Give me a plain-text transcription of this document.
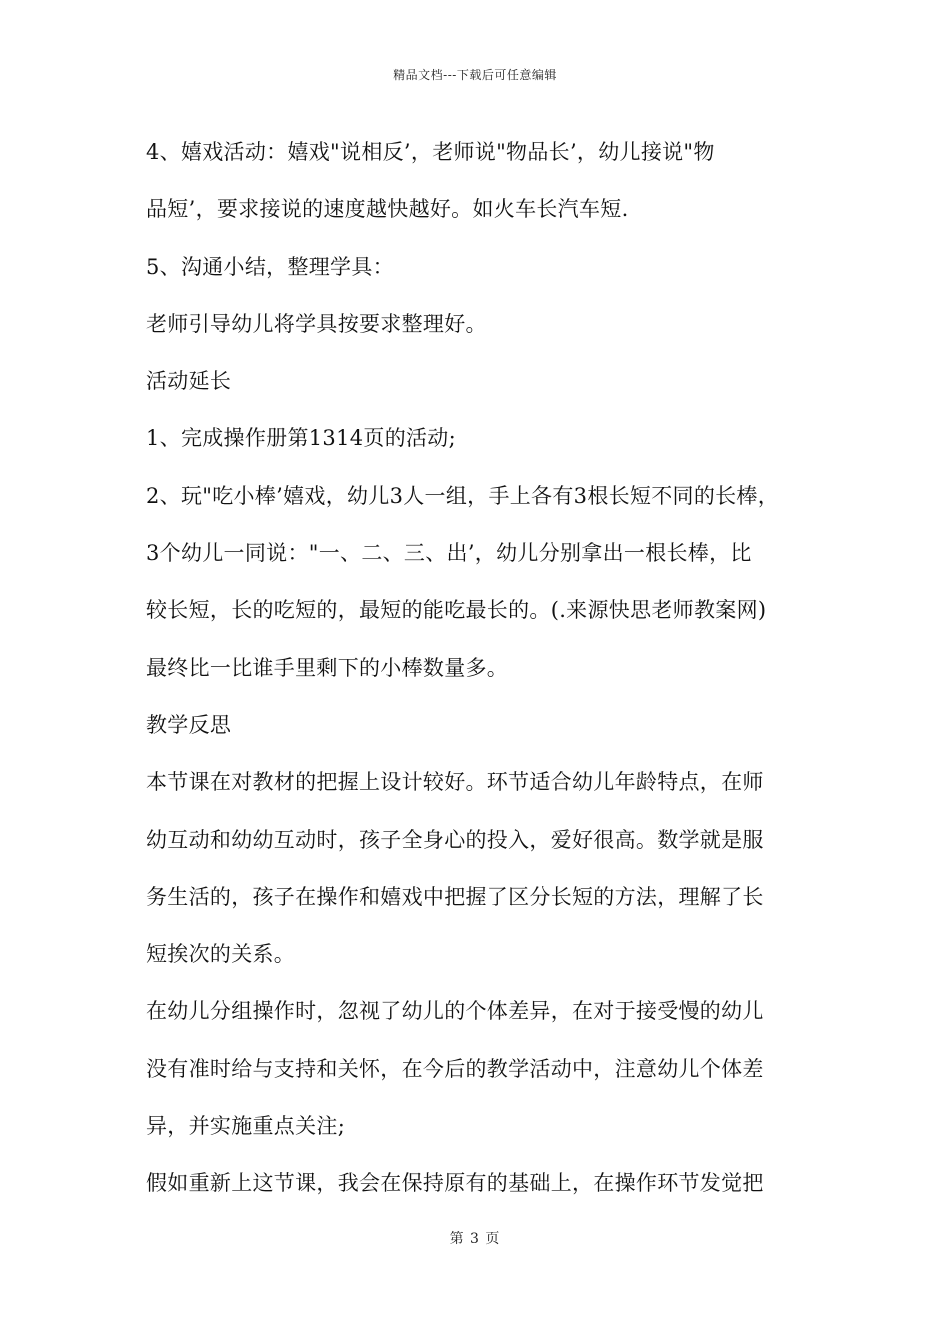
精品文档---下载后可任意编辑
4、嬉戏活动：嬉戏"说相反’，老师说"物品长’，幼儿接说"物
品短’，要求接说的速度越快越好。如火车长汽车短.
5、沟通小结，整理学具：
老师引导幼儿将学具按要求整理好。
活动延长
1、完成操作册第1314页的活动;
2、玩"吃小棒’嬉戏，幼儿3人一组，手上各有3根长短不同的长棒，
3个幼儿一同说："一、二、三、出’，幼儿分别拿出一根长棒，比
较长短，长的吃短的，最短的能吃最长的。(.来源快思老师教案网)
最终比一比谁手里剩下的小棒数量多。
教学反思
本节课在对教材的把握上设计较好。环节适合幼儿年龄特点，在师
幼互动和幼幼互动时，孩子全身心的投入，爱好很高。数学就是服
务生活的，孩子在操作和嬉戏中把握了区分长短的方法，理解了长
短挨次的关系。
在幼儿分组操作时，忽视了幼儿的个体差异，在对于接受慢的幼儿
没有准时给与支持和关怀，在今后的教学活动中，注意幼儿个体差
异，并实施重点关注;
假如重新上这节课，我会在保持原有的基础上，在操作环节发觉把
第 3 页
